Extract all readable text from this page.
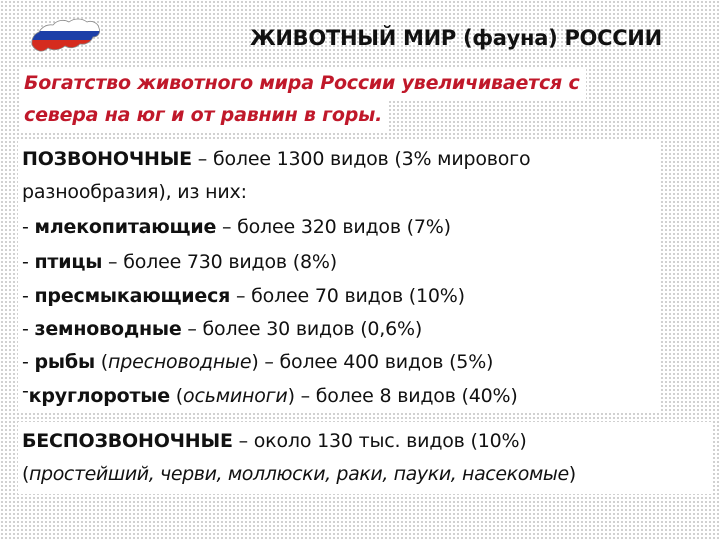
ЖИВОТНЫЙ МИР (фауна) РОССИИ
Богатство животного мира России увеличивается с
севера на юг и от равнин в горы.
ПОЗВОНОЧНЫЕ – более 1300 видов (3% мирового
разнообразия), из них:
- млекопитающие – более 320 видов (7%)
- птицы – более 730 видов (8%)
- пресмыкающиеся – более 70 видов (10%)
- земноводные – более 30 видов (0,6%)
- рыбы (пресноводные) – более 400 видов (5%)
-круглоротые (осьминоги) – более 8 видов (40%)
БЕСПОЗВОНОЧНЫЕ – около 130 тыс. видов (10%)
(простейший, черви, моллюски, раки, пауки, насекомые)
